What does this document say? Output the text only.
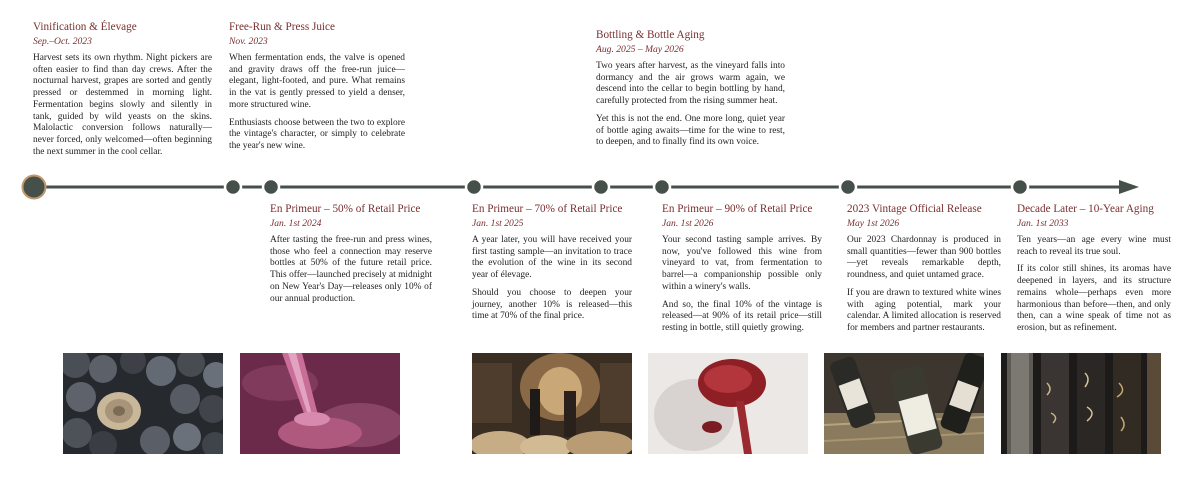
Vinification & Élevage
Sep.–Oct. 2023

Harvest sets its own rhythm. Night pickers are often easier to find than day crews. After the nocturnal harvest, grapes are sorted and gently pressed or destemmed in morning light. Fermentation begins slowly and silently in tank, guided by wild yeasts on the skins. Malolactic conversion follows naturally—never forced, only welcomed—often beginning the next summer in the cool cellar.

Free-Run & Press Juice
Nov. 2023

When fermentation ends, the valve is opened and gravity draws off the free-run juice—elegant, light-footed, and pure. What remains in the vat is gently pressed to yield a denser, more structured wine.

Enthusiasts choose between the two to explore the vintage's character, or simply to celebrate the year's new wine.

Bottling & Bottle Aging
Aug. 2025 – May 2026

Two years after harvest, as the vineyard falls into dormancy and the air grows warm again, we descend into the cellar to begin bottling by hand, carefully protected from the rising summer heat.

Yet this is not the end. One more long, quiet year of bottle aging awaits—time for the wine to rest, to deepen, and to finally find its own voice.

En Primeur – 50% of Retail Price
Jan. 1st 2024

After tasting the free-run and press wines, those who feel a connection may reserve bottles at 50% of the future retail price. This offer—launched precisely at midnight on New Year's Day—releases only 10% of our annual production.

En Primeur – 70% of Retail Price
Jan. 1st 2025

A year later, you will have received your first tasting sample—an invitation to trace the evolution of the wine in its second year of élevage.

Should you choose to deepen your journey, another 10% is released—this time at 70% of the final price.

En Primeur – 90% of Retail Price
Jan. 1st 2026

Your second tasting sample arrives. By now, you've followed this wine from vineyard to vat, from fermentation to barrel—a companionship possible only within a winery's walls.

And so, the final 10% of the vintage is released—at 90% of its retail price—still resting in bottle, still quietly growing.

2023 Vintage Official Release
May 1st 2026

Our 2023 Chardonnay is produced in small quantities—fewer than 900 bottles—yet reveals remarkable depth, roundness, and quiet untamed grace.

If you are drawn to textured white wines with aging potential, mark your calendar. A limited allocation is reserved for members and partner restaurants.

Decade Later – 10-Year Aging
Jan. 1st 2033

Ten years—an age every wine must reach to reveal its true soul.

If its color still shines, its aromas have deepened in layers, and its structure remains whole—perhaps even more harmonious than before—then, and only then, can a wine speak of time not as erosion, but as refinement.
